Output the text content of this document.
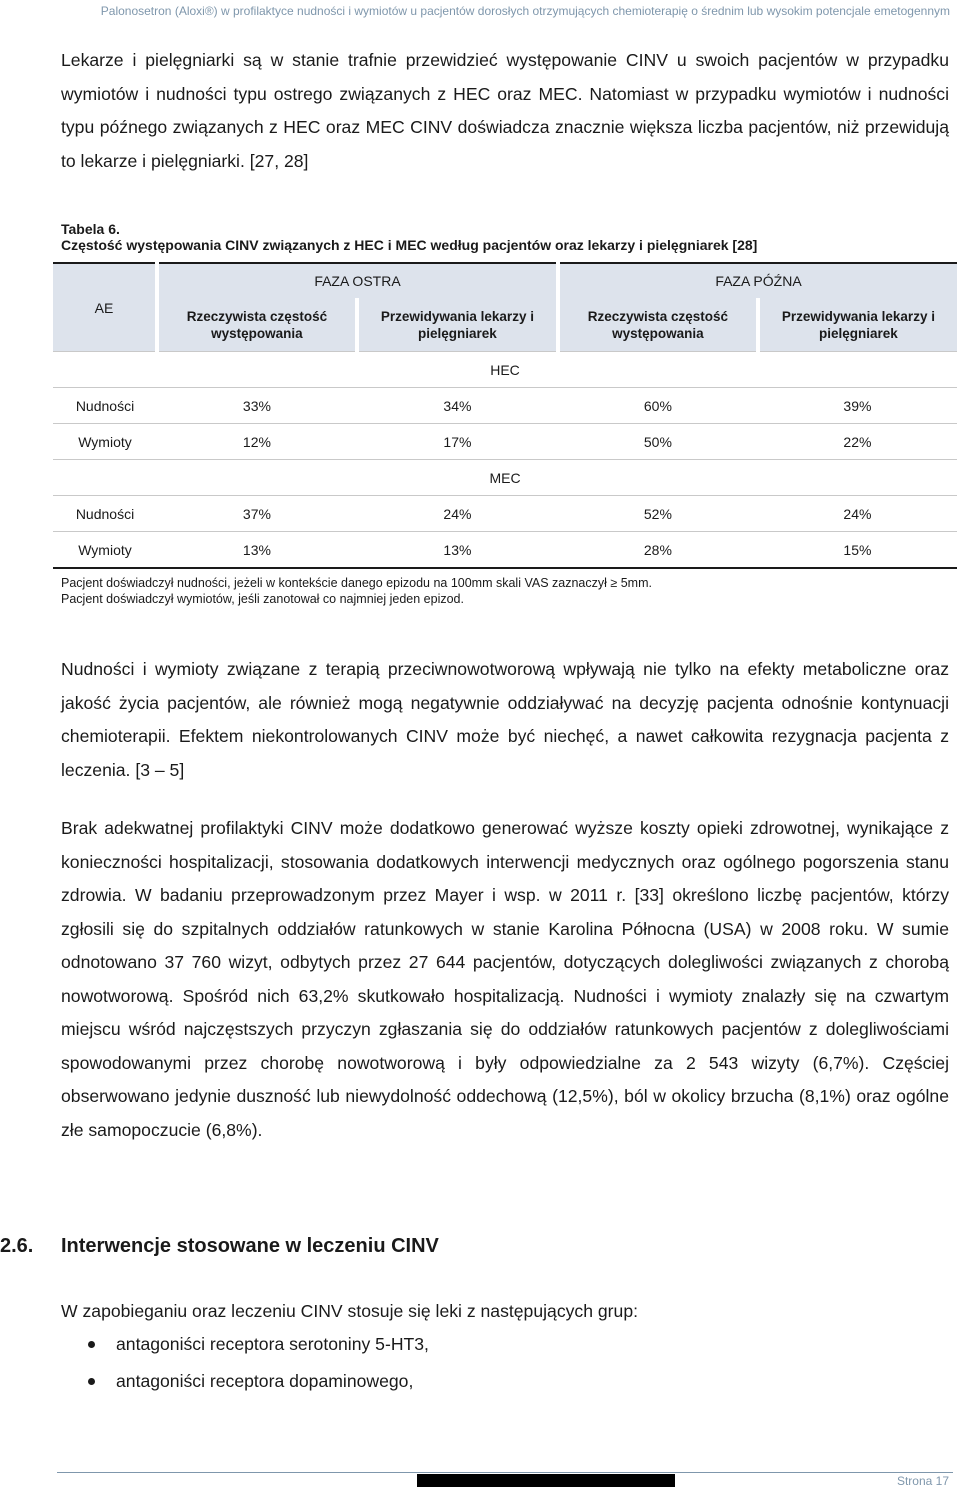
Palonosetron (Aloxi®) w profilaktyce nudności i wymiotów u pacjentów dorosłych otrzymujących chemioterapię o średnim lub wysokim potencjale emetogennym
Lekarze i pielęgniarki są w stanie trafnie przewidzieć występowanie CINV u swoich pacjentów w przypadku wymiotów i nudności typu ostrego związanych z HEC oraz MEC. Natomiast w przypadku wymiotów i nudności typu późnego związanych z HEC oraz MEC CINV doświadcza znacznie większa liczba pacjentów, niż przewidują to lekarze i pielęgniarki. [27, 28]
Tabela 6.
Częstość występowania CINV związanych z HEC i MEC według pacjentów oraz lekarzy i pielęgniarek [28]
AE	FAZA OSTRA		FAZA PÓŹNA	
	Rzeczywista częstość występowania	Przewidywania lekarzy i pielęgniarek	Rzeczywista częstość występowania	Przewidywania lekarzy i pielęgniarek
HEC				
Nudności	33%	34%	60%	39%
Wymioty	12%	17%	50%	22%
MEC				
Nudności	37%	24%	52%	24%
Wymioty	13%	13%	28%	15%
Pacjent doświadczył nudności, jeżeli w kontekście danego epizodu na 100mm skali VAS zaznaczył ≥ 5mm.
Pacjent doświadczył wymiotów, jeśli zanotował co najmniej jeden epizod.
Nudności i wymioty związane z terapią przeciwnowotworową wpływają nie tylko na efekty metaboliczne oraz jakość życia pacjentów, ale również mogą negatywnie oddziaływać na decyzję pacjenta odnośnie kontynuacji chemioterapii. Efektem niekontrolowanych CINV może być niechęć, a nawet całkowita rezygnacja pacjenta z leczenia. [3 – 5]
Brak adekwatnej profilaktyki CINV może dodatkowo generować wyższe koszty opieki zdrowotnej, wynikające z konieczności hospitalizacji, stosowania dodatkowych interwencji medycznych oraz ogólnego pogorszenia stanu zdrowia. W badaniu przeprowadzonym przez Mayer i wsp. w 2011 r. [33] określono liczbę pacjentów, którzy zgłosili się do szpitalnych oddziałów ratunkowych w stanie Karolina Północna (USA) w 2008 roku. W sumie odnotowano 37 760 wizyt, odbytych przez 27 644 pacjentów, dotyczących dolegliwości związanych z chorobą nowotworową. Spośród nich 63,2% skutkowało hospitalizacją. Nudności i wymioty znalazły się na czwartym miejscu wśród najczęstszych przyczyn zgłaszania się do oddziałów ratunkowych pacjentów z dolegliwościami spowodowanymi przez chorobę nowotworową i były odpowiedzialne za 2 543 wizyty (6,7%). Częściej obserwowano jedynie duszność lub niewydolność oddechową (12,5%), ból w okolicy brzucha (8,1%) oraz ogólne złe samopoczucie (6,8%).
2.6. Interwencje stosowane w leczeniu CINV
W zapobieganiu oraz leczeniu CINV stosuje się leki z następujących grup:
antagoniści receptora serotoniny 5-HT3,
antagoniści receptora dopaminowego,
Strona 17
